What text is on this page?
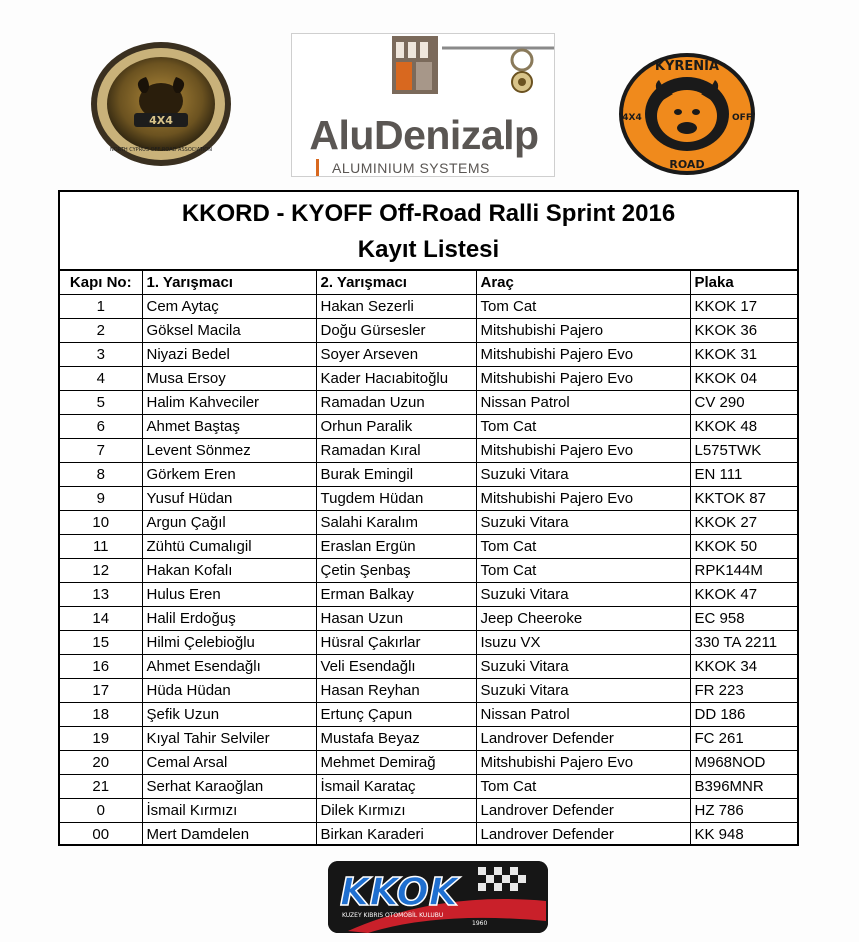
4X4
NORTH CYPRUS OFF ROAD ASSOCIATION	AluDenizalp
ALUMINIUM SYSTEMS
KYRENIA
4X4	OFF
ROAD
KKORD - KYOFF Off-Road Ralli Sprint 2016
Kayıt Listesi
Kapı No:	1. Yarışmacı	2. Yarışmacı	Araç	Plaka
1	Cem Aytaç	Hakan Sezerli	Tom Cat	KKOK 17
2	Göksel Macila	Doğu Gürsesler	Mitshubishi Pajero	KKOK 36
3	Niyazi Bedel	Soyer Arseven	Mitshubishi Pajero Evo	KKOK 31
4	Musa Ersoy	Kader Hacıabitoğlu	Mitshubishi Pajero Evo	KKOK 04
5	Halim Kahveciler	Ramadan Uzun	Nissan Patrol	CV 290
6	Ahmet Baştaş	Orhun Paralik	Tom Cat	KKOK 48
7	Levent Sönmez	Ramadan Kıral	Mitshubishi Pajero Evo	L575TWK
8	Görkem Eren	Burak Emingil	Suzuki Vitara	EN 111
9	Yusuf Hüdan	Tugdem Hüdan	Mitshubishi Pajero Evo	KKTOK 87
10	Argun Çağıl	Salahi Karalım	Suzuki Vitara	KKOK 27
11	Zühtü Cumalıgil	Eraslan Ergün	Tom Cat	KKOK 50
12	Hakan Kofalı	Çetin Şenbaş	Tom Cat	RPK144M
13	Hulus Eren	Erman Balkay	Suzuki Vitara	KKOK 47
14	Halil Erdoğuş	Hasan Uzun	Jeep Cheeroke	EC 958
15	Hilmi Çelebioğlu	Hüsral Çakırlar	Isuzu VX	330 TA 2211
16	Ahmet Esendağlı	Veli Esendağlı	Suzuki Vitara	KKOK 34
17	Hüda Hüdan	Hasan Reyhan	Suzuki Vitara	FR 223
18	Şefik Uzun	Ertunç Çapun	Nissan Patrol	DD 186
19	Kıyal Tahir Selviler	Mustafa Beyaz	Landrover Defender	FC 261
20	Cemal Arsal	Mehmet Demirağ	Mitshubishi Pajero Evo	M968NOD
21	Serhat Karaoğlan	İsmail Karataç	Tom Cat	B396MNR
0	İsmail Kırmızı	Dilek Kırmızı	Landrover Defender	HZ 786
00	Mert Damdelen	Birkan Karaderi	Landrover Defender	KK 948
KKOK
KUZEY KIBRIS OTOMOBİL KULUBU
1960
